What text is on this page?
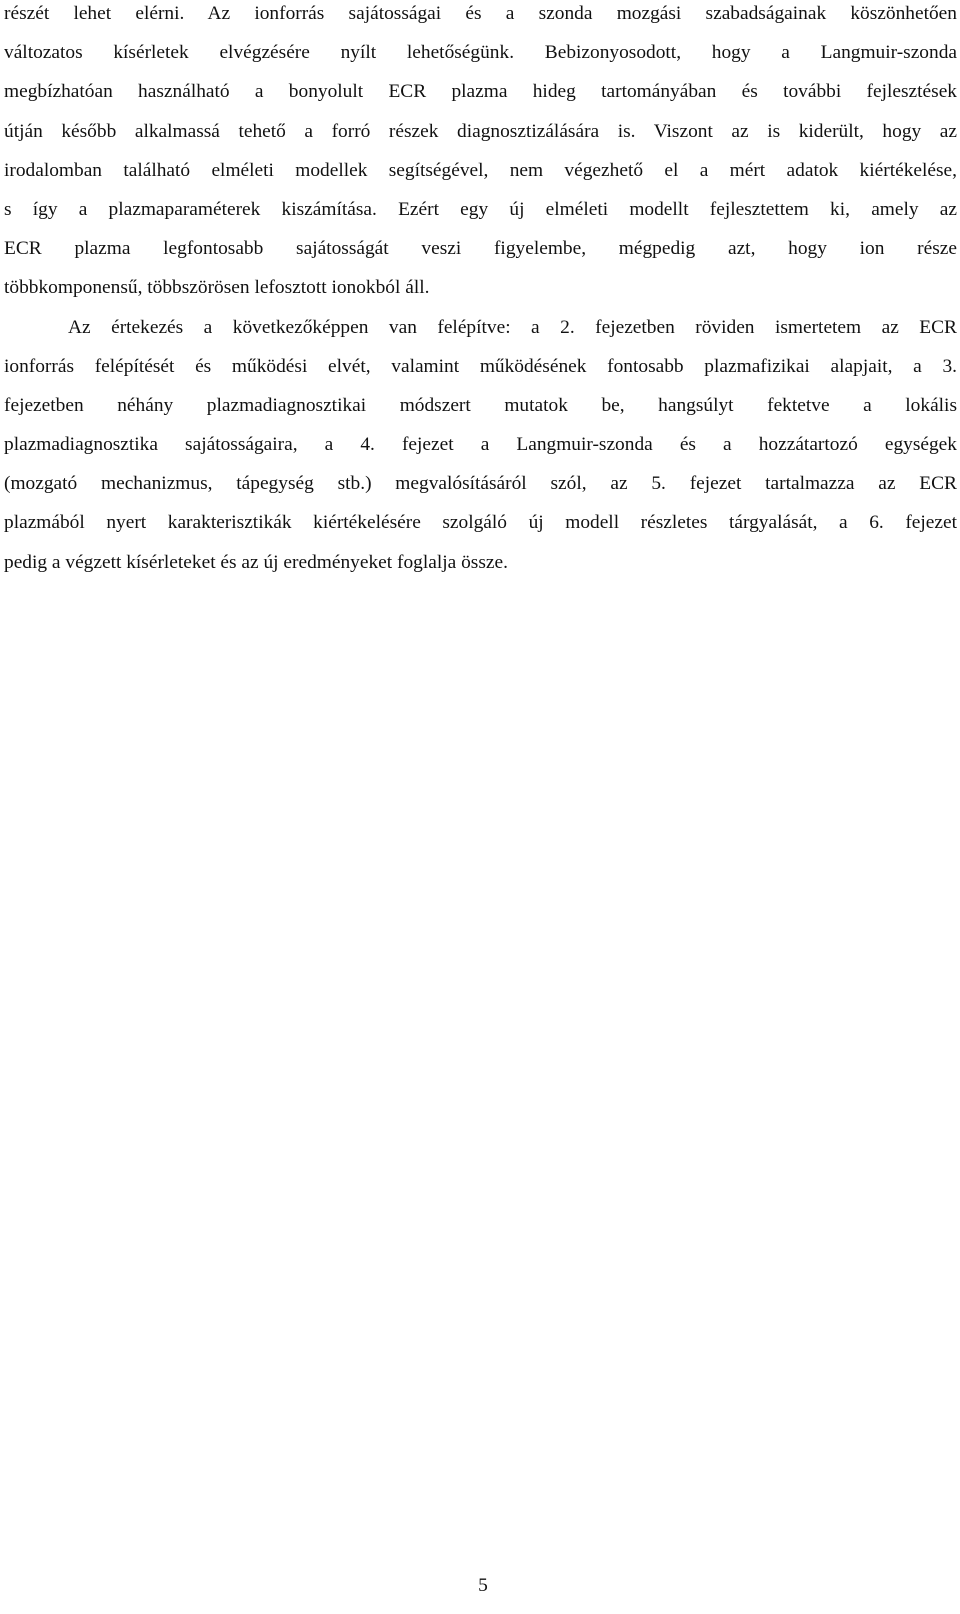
részét lehet elérni. Az ionforrás sajátosságai és a szonda mozgási szabadságainak köszönhetően
változatos kísérletek elvégzésére nyílt lehetőségünk. Bebizonyosodott, hogy a Langmuir-szonda
megbízhatóan használható a bonyolult ECR plazma hideg tartományában és további fejlesztések
útján később alkalmassá tehető a forró részek diagnosztizálására is. Viszont az is kiderült, hogy az
irodalomban található elméleti modellek segítségével, nem végezhető el a mért adatok kiértékelése,
s így a plazmaparaméterek kiszámítása. Ezért egy új elméleti modellt fejlesztettem ki, amely az
ECR plazma legfontosabb sajátosságát veszi figyelembe, mégpedig azt, hogy ion része
többkomponensű, többszörösen lefosztott ionokból áll.
Az értekezés a következőképpen van felépítve: a 2. fejezetben röviden ismertetem az ECR
ionforrás felépítését és működési elvét, valamint működésének fontosabb plazmafizikai alapjait, a 3.
fejezetben néhány plazmadiagnosztikai módszert mutatok be, hangsúlyt fektetve a lokális
plazmadiagnosztika sajátosságaira, a 4. fejezet a Langmuir-szonda és a hozzátartozó egységek
(mozgató mechanizmus, tápegység stb.) megvalósításáról szól, az 5. fejezet tartalmazza az ECR
plazmából nyert karakterisztikák kiértékelésére szolgáló új modell részletes tárgyalását, a 6. fejezet
pedig a végzett kísérleteket és az új eredményeket foglalja össze.
5
